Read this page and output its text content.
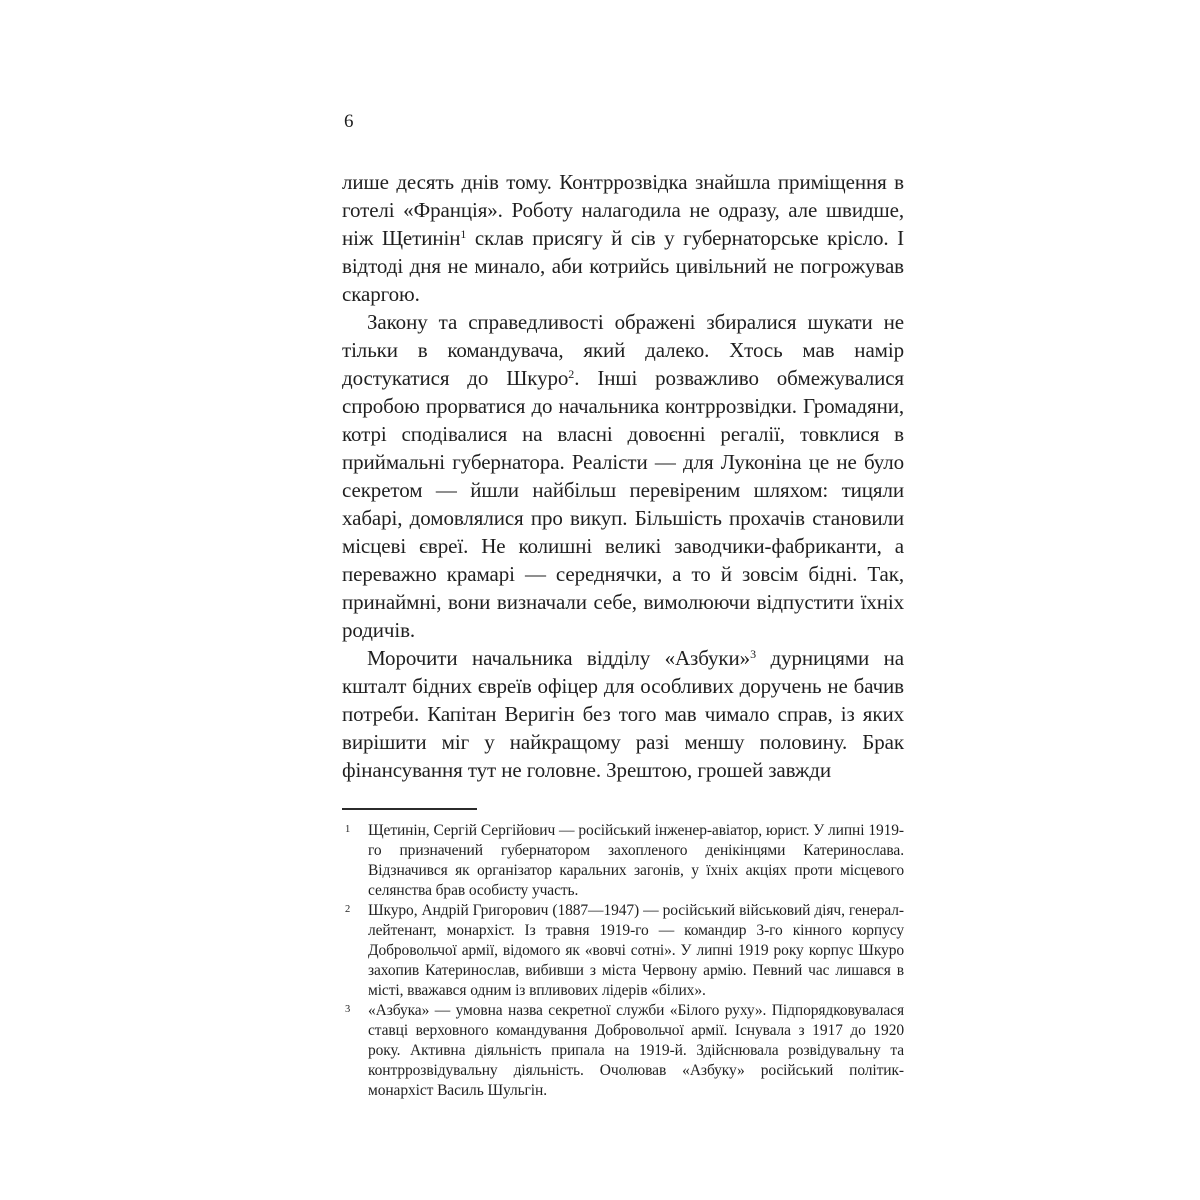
6

лише десять днів тому. Контррозвідка знайшла приміщення в готелі «Франція». Роботу налагодила не одразу, але швидше, ніж Щетинін$^1$ склав присягу й сів у губернаторське крісло. І відтоді дня не минало, аби котрийсь цивільний не погрожував скаргою.

Закону та справедливості ображені збиралися шукати не тільки в командувача, який далеко. Хтось мав намір достукатися до Шкуро$^2$. Інші розважливо обмежувалися спробою прорватися до начальника контррозвідки. Громадяни, котрі сподівалися на власні довоєнні регалії, товклися в приймальні губернатора. Реалісти — для Луконіна це не було секретом — йшли найбільш перевіреним шляхом: тицяли хабарі, домовлялися про викуп. Більшість прохачів становили місцеві євреї. Не колишні великі заводчики-фабриканти, а переважно крамарі — середнячки, а то й зовсім бідні. Так, принаймні, вони визначали себе, вимолюючи відпустити їхніх родичів.

Морочити начальника відділу «Азбуки»$^3$ дурницями на кшталт бідних євреїв офіцер для особливих доручень не бачив потреби. Капітан Веригін без того мав чимало справ, із яких вирішити міг у найкращому разі меншу половину. Брак фінансування тут не головне. Зрештою, грошей завжди

1 Щетинін, Сергій Сергійович — російський інженер-авіатор, юрист. У липні 1919-го призначений губернатором захопленого денікінцями Катеринослава. Відзначився як організатор каральних загонів, у їхніх акціях проти місцевого селянства брав особисту участь.
2 Шкуро, Андрій Григорович (1887—1947) — російський військовий діяч, генерал-лейтенант, монархіст. Із травня 1919-го — командир 3-го кінного корпусу Добровольчої армії, відомого як «вовчі сотні». У липні 1919 року корпус Шкуро захопив Катеринослав, вибивши з міста Червону армію. Певний час лишався в місті, вважався одним із впливових лідерів «білих».
3 «Азбука» — умовна назва секретної служби «Білого руху». Підпорядковувалася ставці верховного командування Добровольчої армії. Існувала з 1917 до 1920 року. Активна діяльність припала на 1919-й. Здійснювала розвідувальну та контррозвідувальну діяльність. Очолював «Азбуку» російський політик-монархіст Василь Шульгін.
